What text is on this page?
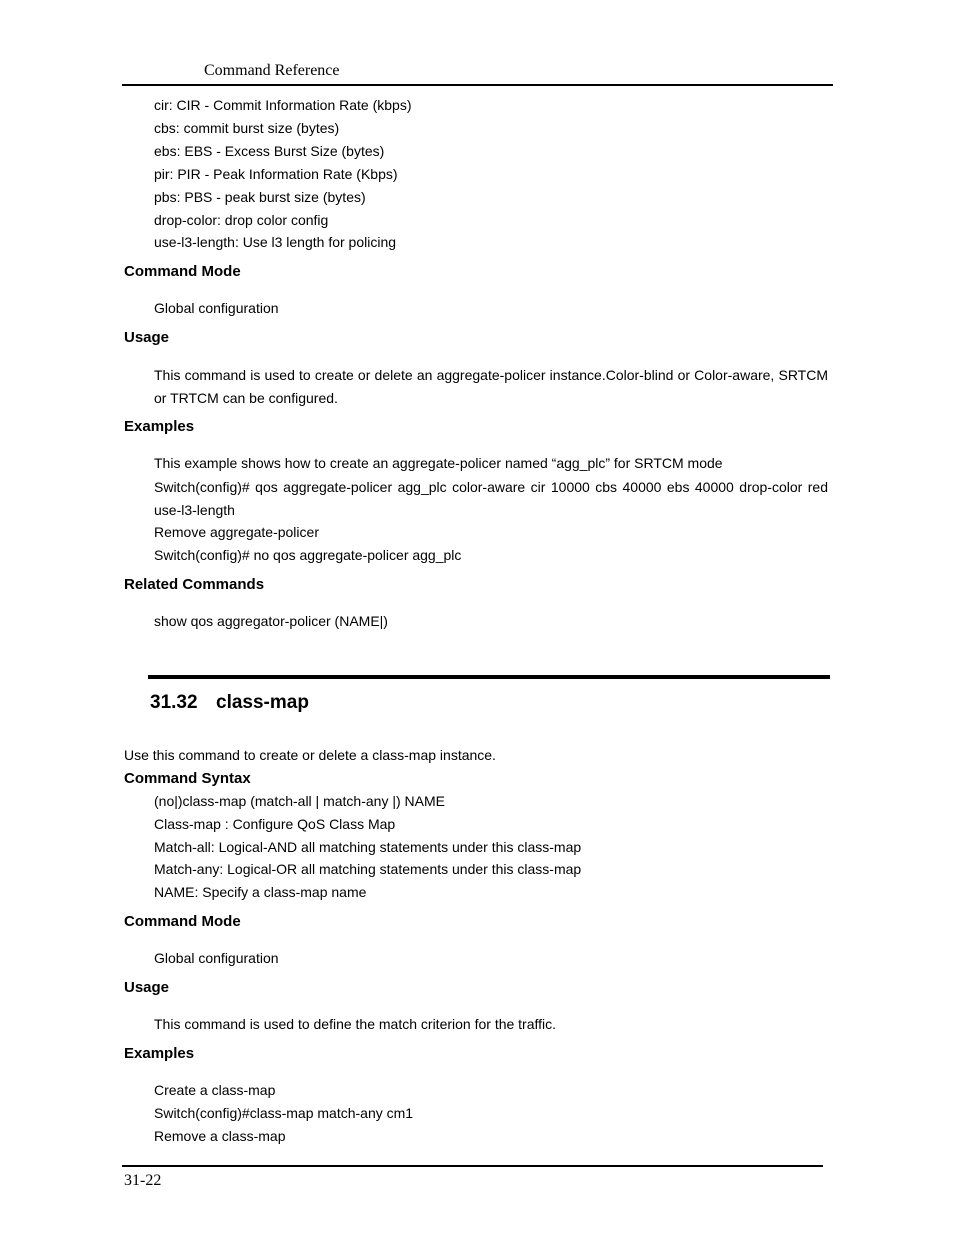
Command Reference
cir: CIR - Commit Information Rate (kbps)
cbs: commit burst size (bytes)
ebs: EBS - Excess Burst Size (bytes)
pir: PIR - Peak Information Rate (Kbps)
pbs: PBS - peak burst size (bytes)
drop-color: drop color config
use-l3-length: Use l3 length for policing
Command Mode
Global configuration
Usage
This command is used to create or delete an aggregate-policer instance.Color-blind or Color-aware, SRTCM or TRTCM can be configured.
Examples
This example shows how to create an aggregate-policer named “agg_plc” for SRTCM mode
Switch(config)# qos aggregate-policer agg_plc color-aware cir 10000 cbs 40000 ebs 40000 drop-color red use-l3-length
Remove aggregate-policer
Switch(config)# no qos aggregate-policer agg_plc
Related Commands
show qos aggregator-policer (NAME|)
31.32 class-map
Use this command to create or delete a class-map instance.
Command Syntax
(no|)class-map (match-all | match-any |) NAME
Class-map : Configure QoS Class Map
Match-all: Logical-AND all matching statements under this class-map
Match-any: Logical-OR all matching statements under this class-map
NAME: Specify a class-map name
Command Mode
Global configuration
Usage
This command is used to define the match criterion for the traffic.
Examples
Create a class-map
Switch(config)#class-map match-any cm1
Remove a class-map
31-22
